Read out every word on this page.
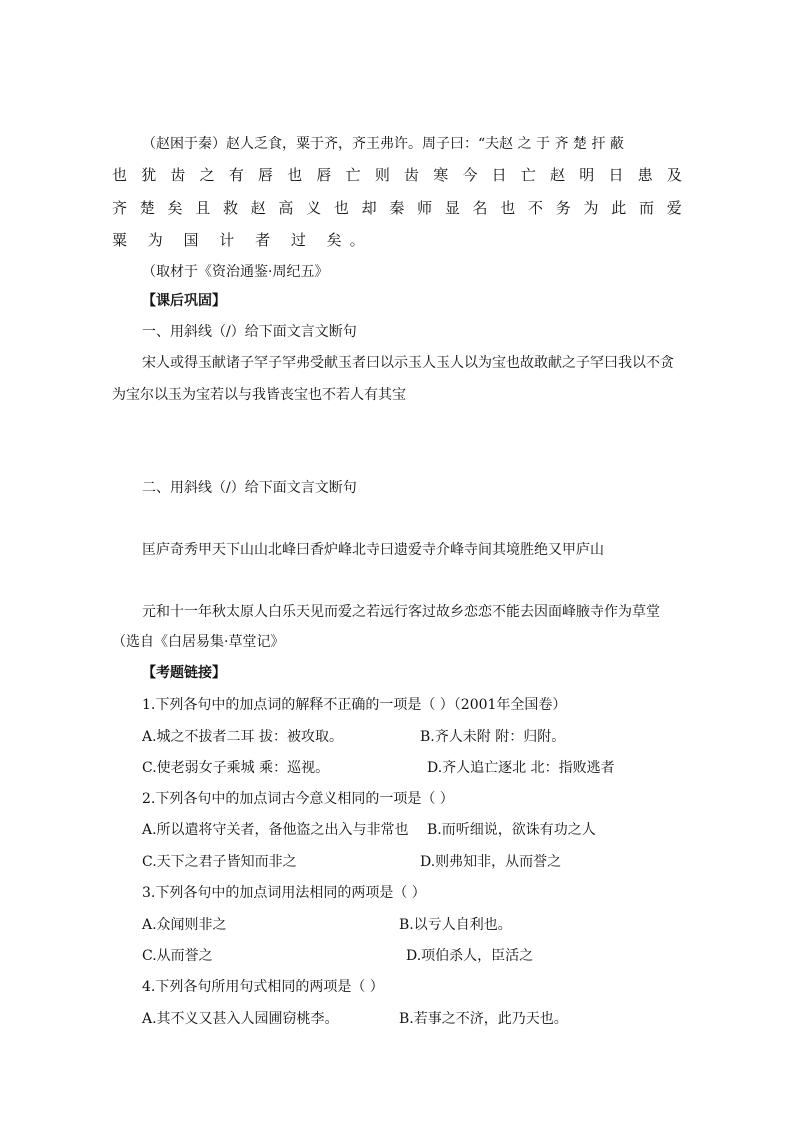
（赵困于秦）赵人乏食，粟于齐，齐王弗许。周子曰：“夫赵 之 于 齐 楚 扞 蔽
也 犹 齿 之 有 唇 也 唇 亡 则 齿 寒 今 日 亡 赵 明 日 患 及
齐 楚 矣 且 救 赵 高 义 也 却 秦 师 显 名 也 不 务 为 此 而 爱
粟 为 国 计 者 过 矣。
（取材于《资治通鉴·周纪五》
【课后巩固】
一、用斜线（/）给下面文言文断句
宋人或得玉献诸子罕子罕弗受献玉者曰以示玉人玉人以为宝也故敢献之子罕曰我以不贪
为宝尔以玉为宝若以与我皆丧宝也不若人有其宝
二、用斜线（/）给下面文言文断句
匡庐奇秀甲天下山山北峰曰香炉峰北寺曰遗爱寺介峰寺间其境胜绝又甲庐山
元和十一年秋太原人白乐天见而爱之若远行客过故乡恋恋不能去因面峰腋寺作为草堂
（选自《白居易集·草堂记》
【考题链接】
1.下列各句中的加点词的解释不正确的一项是（ ）（2001年全国卷）
A.城之不拔者二耳 拔：被攻取。	B.齐人未附 附：归附。
C.使老弱女子乘城 乘：巡视。	D.齐人追亡逐北 北：指败逃者
2.下列各句中的加点词古今意义相同的一项是（ ）
A.所以遣将守关者，备他盗之出入与非常也 B.而听细说，欲诛有功之人
C.天下之君子皆知而非之	D.则弗知非，从而誉之
3.下列各句中的加点词用法相同的两项是（ ）
A.众闻则非之	B.以亏人自利也。
C.从而誉之	D.项伯杀人，臣活之
4.下列各句所用句式相同的两项是（ ）
A.其不义又甚入人园圃窃桃李。	B.若事之不济，此乃天也。
